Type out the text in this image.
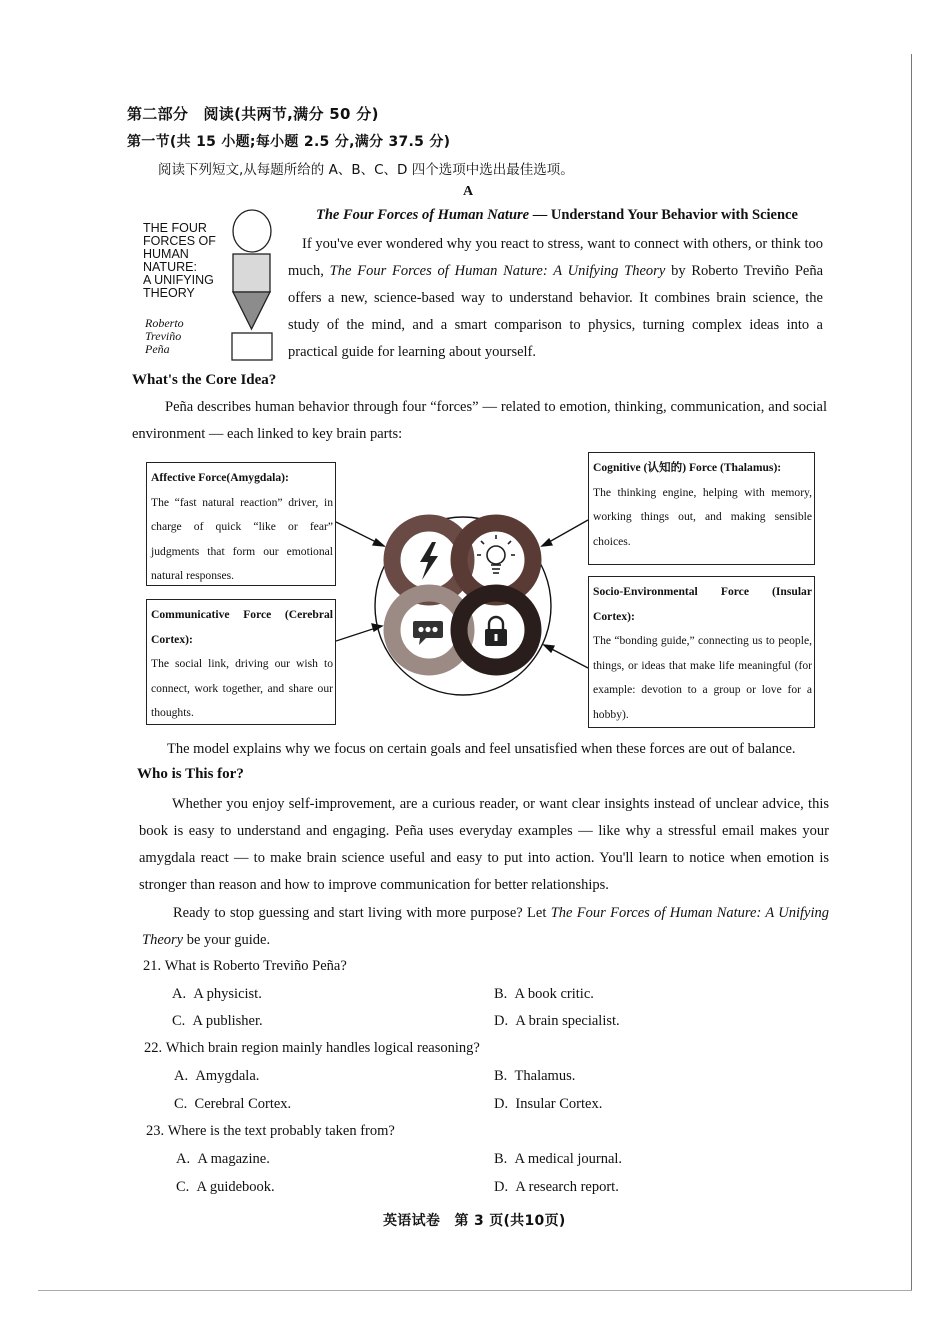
第二部分　阅读(共两节,满分 50 分)
第一节(共 15 小题;每小题 2.5 分,满分 37.5 分)
阅读下列短文,从每题所给的 A、B、C、D 四个选项中选出最佳选项。
A
THE FOUR
FORCES OF
HUMAN
NATURE:
A UNIFYING
THEORY
Roberto
Treviño
Peña
The Four Forces of Human Nature — Understand Your Behavior with Science
If you've ever wondered why you react to stress, want to connect with others, or think too much, The Four Forces of Human Nature: A Unifying Theory by Roberto Treviño Peña offers a new, science-based way to understand behavior. It combines brain science, the study of the mind, and a smart comparison to physics, turning complex ideas into a practical guide for learning about yourself.
What's the Core Idea?
Peña describes human behavior through four “forces” — related to emotion, thinking, communication, and social environment — each linked to key brain parts:
Affective Force(Amygdala):
The “fast natural reaction” driver, in charge of quick “like or fear” judgments that form our emotional natural responses.
Communicative Force (Cerebral Cortex):
The social link, driving our wish to connect, work together, and share our thoughts.
Cognitive (认知的) Force (Thalamus):
The thinking engine, helping with memory, working things out, and making sensible choices.
Socio-Environmental Force (Insular Cortex):
The “bonding guide,” connecting us to people, things, or ideas that make life meaningful (for example: devotion to a group or love for a hobby).
The model explains why we focus on certain goals and feel unsatisfied when these forces are out of balance.
Who is This for?
Whether you enjoy self-improvement, are a curious reader, or want clear insights instead of unclear advice, this book is easy to understand and engaging. Peña uses everyday examples — like why a stressful email makes your amygdala react — to make brain science useful and easy to put into action. You'll learn to notice when emotion is stronger than reason and how to improve communication for better relationships.
Ready to stop guessing and start living with more purpose? Let The Four Forces of Human Nature: A Unifying Theory be your guide.
21. What is Roberto Treviño Peña?
A. A physicist.	B. A book critic.
C. A publisher.	D. A brain specialist.
22. Which brain region mainly handles logical reasoning?
A. Amygdala.	B. Thalamus.
C. Cerebral Cortex.	D. Insular Cortex.
23. Where is the text probably taken from?
A. A magazine.	B. A medical journal.
C. A guidebook.	D. A research report.
英语试卷　第 3 页(共10页)
